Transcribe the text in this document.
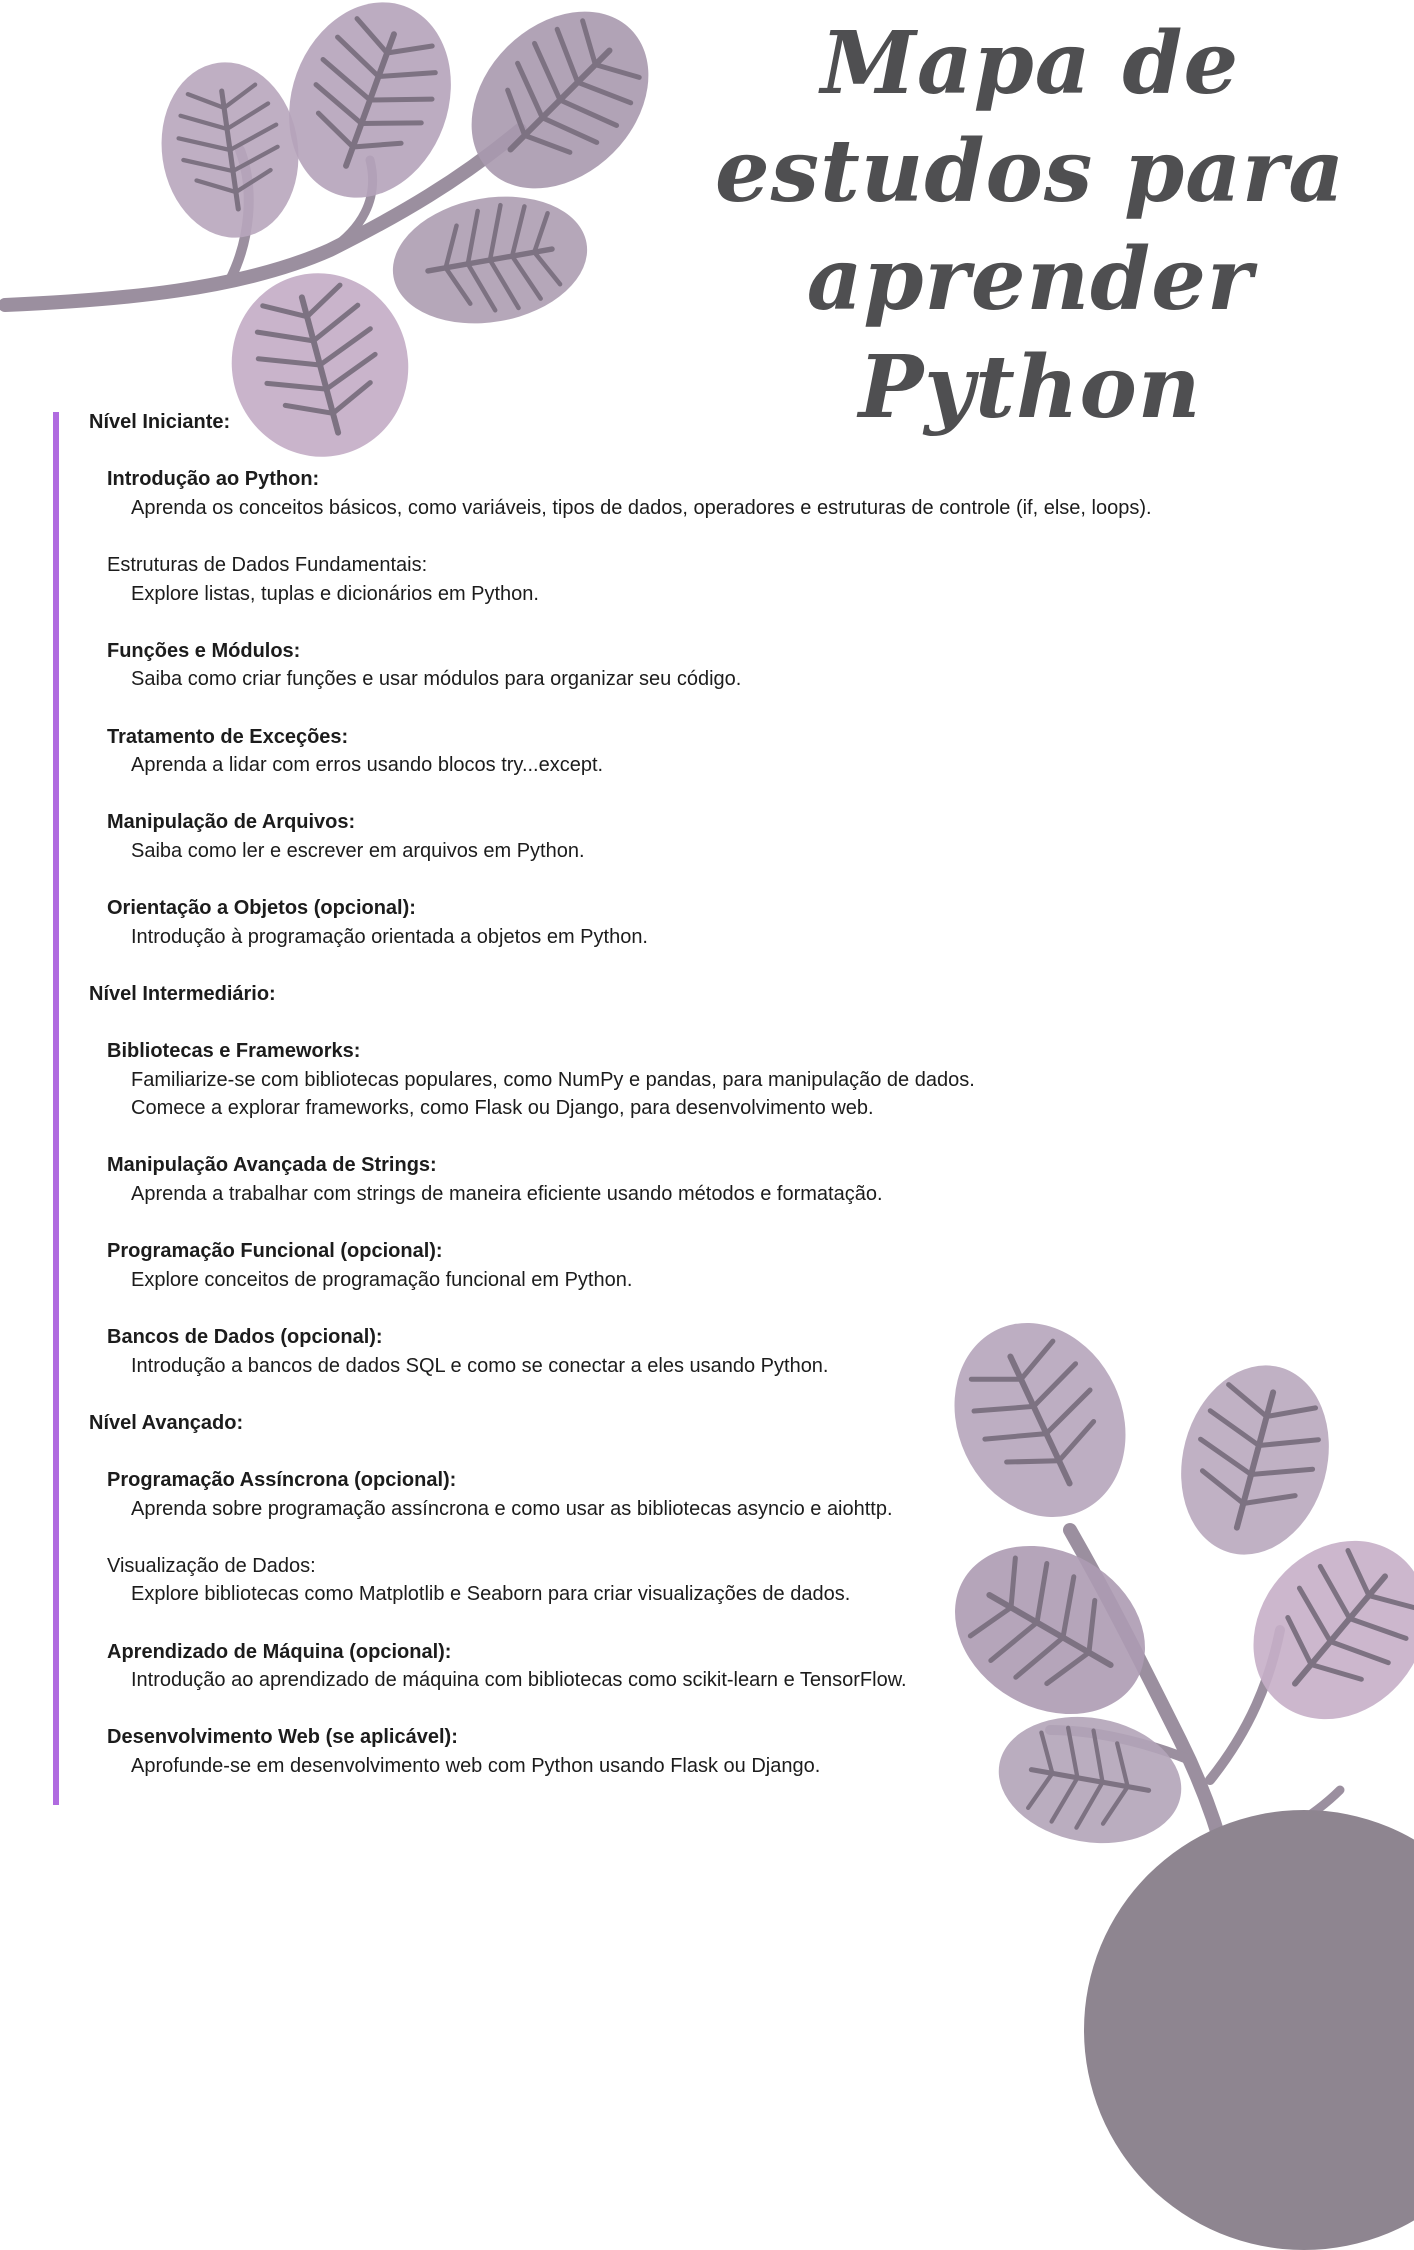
Mapa de estudos para
aprender Python
Nível Iniciante:
Introdução ao Python:
Aprenda os conceitos básicos, como variáveis, tipos de dados, operadores e estruturas de controle (if, else, loops).
Estruturas de Dados Fundamentais:
Explore listas, tuplas e dicionários em Python.
Funções e Módulos:
Saiba como criar funções e usar módulos para organizar seu código.
Tratamento de Exceções:
Aprenda a lidar com erros usando blocos try...except.
Manipulação de Arquivos:
Saiba como ler e escrever em arquivos em Python.
Orientação a Objetos (opcional):
Introdução à programação orientada a objetos em Python.
Nível Intermediário:
Bibliotecas e Frameworks:
Familiarize-se com bibliotecas populares, como NumPy e pandas, para manipulação de dados.
Comece a explorar frameworks, como Flask ou Django, para desenvolvimento web.
Manipulação Avançada de Strings:
Aprenda a trabalhar com strings de maneira eficiente usando métodos e formatação.
Programação Funcional (opcional):
Explore conceitos de programação funcional em Python.
Bancos de Dados (opcional):
Introdução a bancos de dados SQL e como se conectar a eles usando Python.
Nível Avançado:
Programação Assíncrona (opcional):
Aprenda sobre programação assíncrona e como usar as bibliotecas asyncio e aiohttp.
Visualização de Dados:
Explore bibliotecas como Matplotlib e Seaborn para criar visualizações de dados.
Aprendizado de Máquina (opcional):
Introdução ao aprendizado de máquina com bibliotecas como scikit-learn e TensorFlow.
Desenvolvimento Web (se aplicável):
Aprofunde-se em desenvolvimento web com Python usando Flask ou Django.
